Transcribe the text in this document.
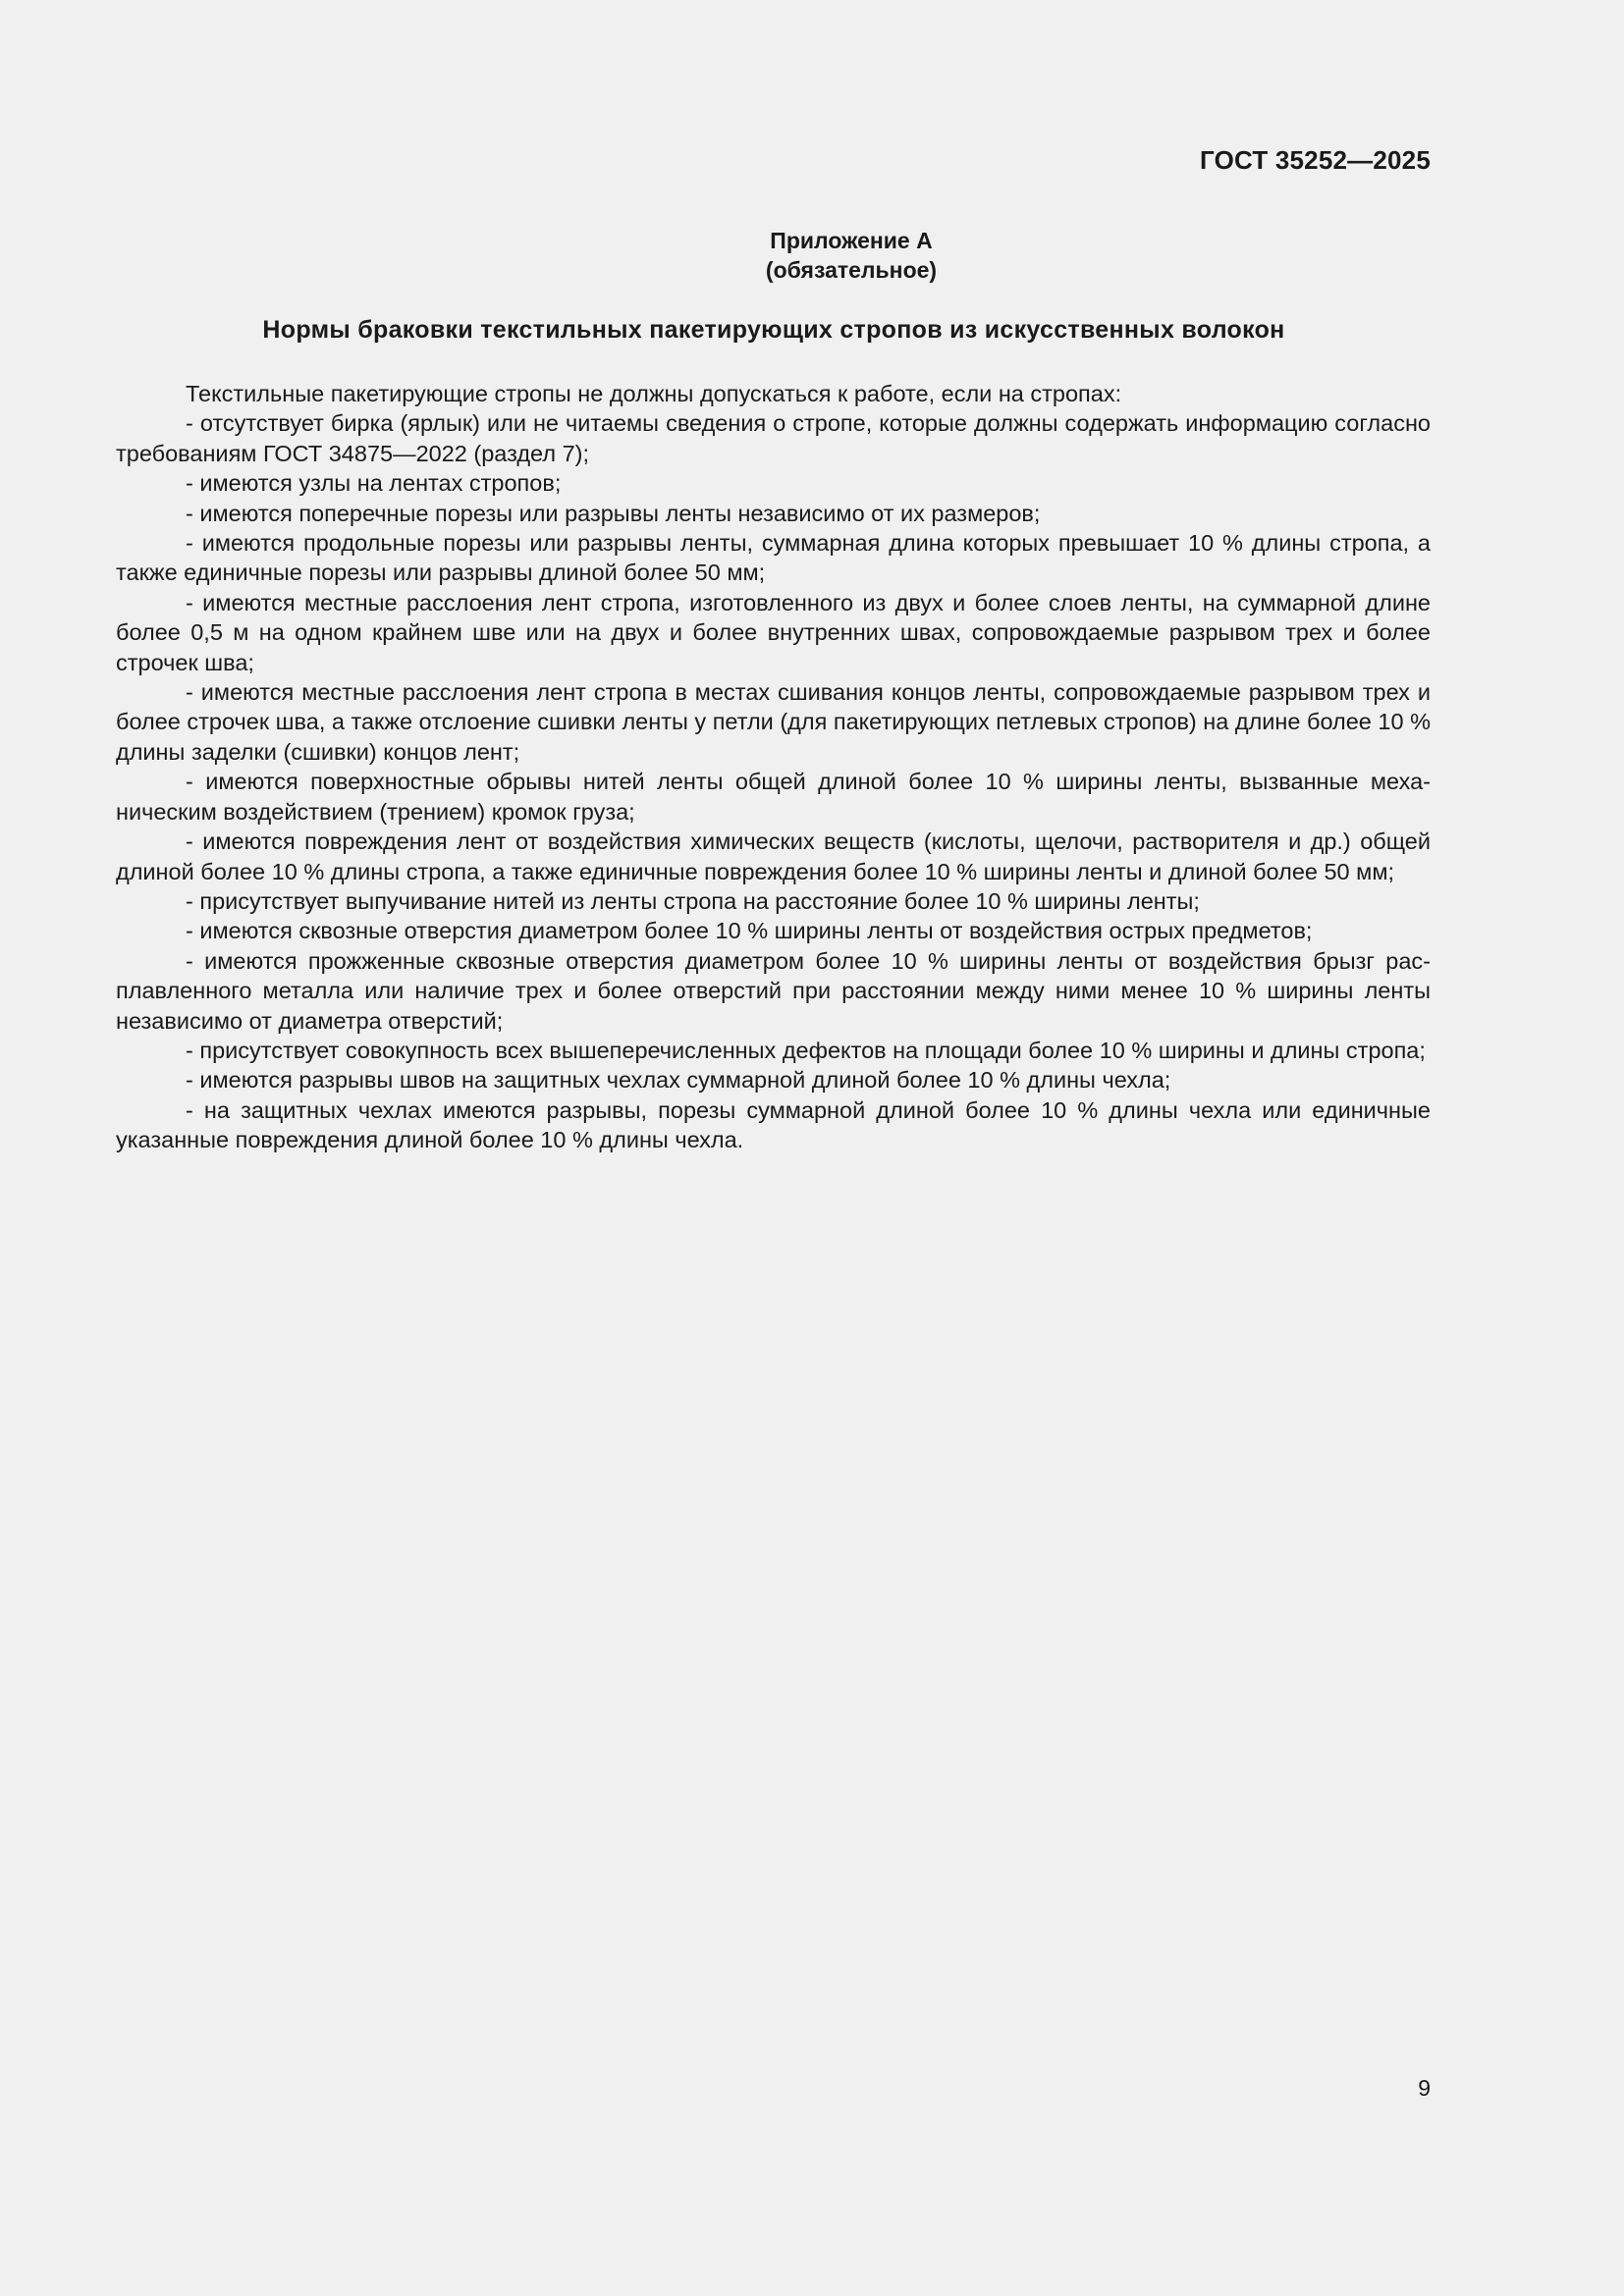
ГОСТ 35252—2025
Приложение А
(обязательное)
Нормы браковки текстильных пакетирующих стропов из искусственных волокон

Текстильные пакетирующие стропы не должны допускаться к работе, если на стропах:

- отсутствует бирка (ярлык) или не читаемы сведения о стропе, которые должны содержать информацию согласно требованиям ГОСТ 34875—2022 (раздел 7);

- имеются узлы на лентах стропов;

- имеются поперечные порезы или разрывы ленты независимо от их размеров;

- имеются продольные порезы или разрывы ленты, суммарная длина которых превышает 10 % длины стропа, а также единичные порезы или разрывы длиной более 50 мм;

- имеются местные расслоения лент стропа, изготовленного из двух и более слоев ленты, на суммарной длине более 0,5 м на одном крайнем шве или на двух и более внутренних швах, сопровождаемые разрывом трех и более строчек шва;

- имеются местные расслоения лент стропа в местах сшивания концов ленты, сопровождаемые разрывом трех и более строчек шва, а также отслоение сшивки ленты у петли (для пакетирующих петлевых стропов) на длине более 10 % длины заделки (сшивки) концов лент;

- имеются поверхностные обрывы нитей ленты общей длиной более 10 % ширины ленты, вызванные механическим воздействием (трением) кромок груза;

- имеются повреждения лент от воздействия химических веществ (кислоты, щелочи, растворителя и др.) общей длиной более 10 % длины стропа, а также единичные повреждения более 10 % ширины ленты и длиной более 50 мм;

- присутствует выпучивание нитей из ленты стропа на расстояние более 10 % ширины ленты;

- имеются сквозные отверстия диаметром более 10 % ширины ленты от воздействия острых предметов;

- имеются прожженные сквозные отверстия диаметром более 10 % ширины ленты от воздействия брызг расплавленного металла или наличие трех и более отверстий при расстоянии между ними менее 10 % ширины ленты независимо от диаметра отверстий;

- присутствует совокупность всех вышеперечисленных дефектов на площади более 10 % ширины и длины стропа;

- имеются разрывы швов на защитных чехлах суммарной длиной более 10 % длины чехла;

- на защитных чехлах имеются разрывы, порезы суммарной длиной более 10 % длины чехла или единичные указанные повреждения длиной более 10 % длины чехла.

9
